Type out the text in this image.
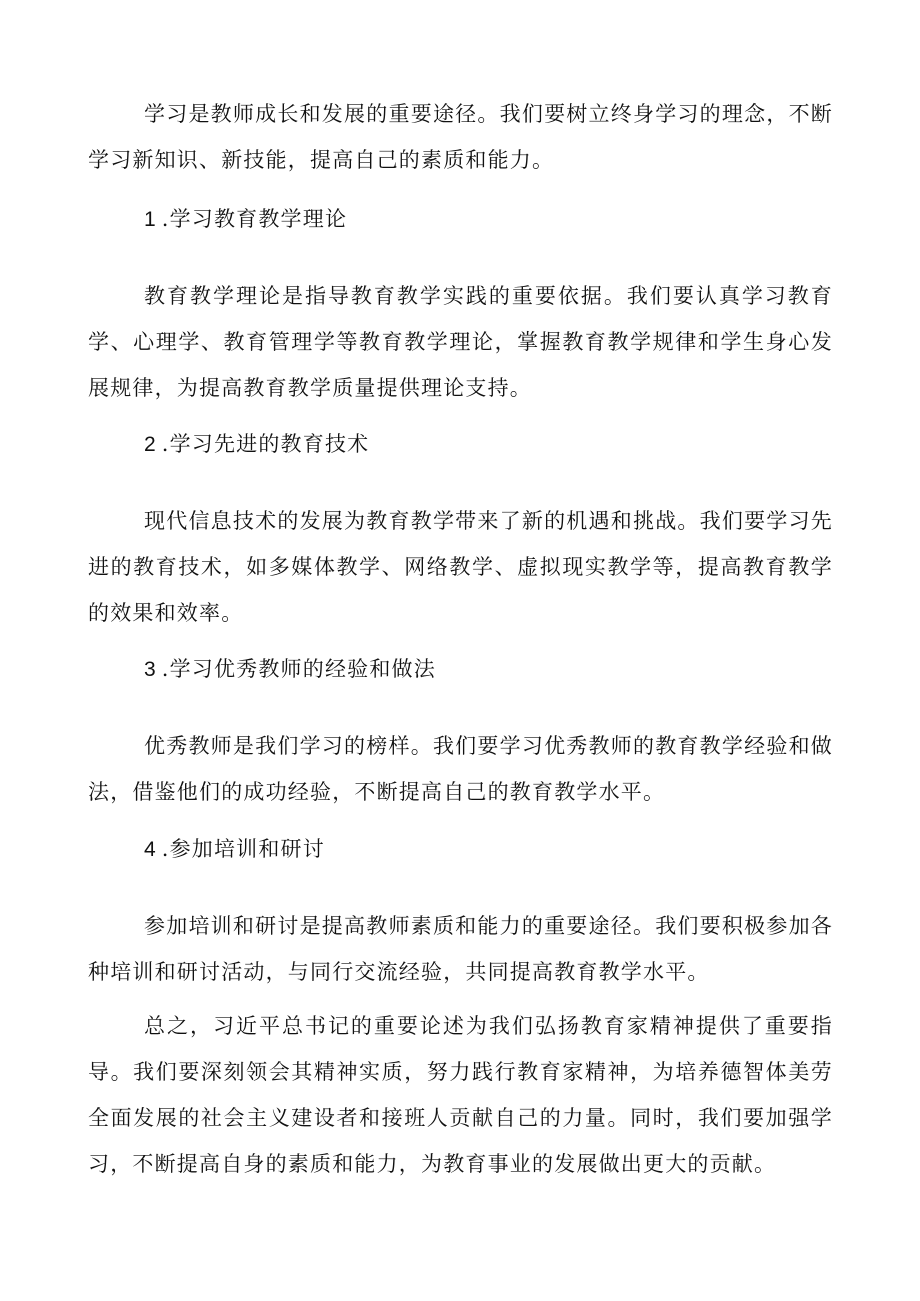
学习是教师成长和发展的重要途径。我们要树立终身学习的理念，不断学习新知识、新技能，提高自己的素质和能力。

1 .学习教育教学理论

教育教学理论是指导教育教学实践的重要依据。我们要认真学习教育学、心理学、教育管理学等教育教学理论，掌握教育教学规律和学生身心发展规律，为提高教育教学质量提供理论支持。

2 .学习先进的教育技术

现代信息技术的发展为教育教学带来了新的机遇和挑战。我们要学习先进的教育技术，如多媒体教学、网络教学、虚拟现实教学等，提高教育教学的效果和效率。

3 .学习优秀教师的经验和做法

优秀教师是我们学习的榜样。我们要学习优秀教师的教育教学经验和做法，借鉴他们的成功经验，不断提高自己的教育教学水平。

4 .参加培训和研讨

参加培训和研讨是提高教师素质和能力的重要途径。我们要积极参加各种培训和研讨活动，与同行交流经验，共同提高教育教学水平。

总之，习近平总书记的重要论述为我们弘扬教育家精神提供了重要指导。我们要深刻领会其精神实质，努力践行教育家精神，为培养德智体美劳全面发展的社会主义建设者和接班人贡献自己的力量。同时，我们要加强学习，不断提高自身的素质和能力，为教育事业的发展做出更大的贡献。
